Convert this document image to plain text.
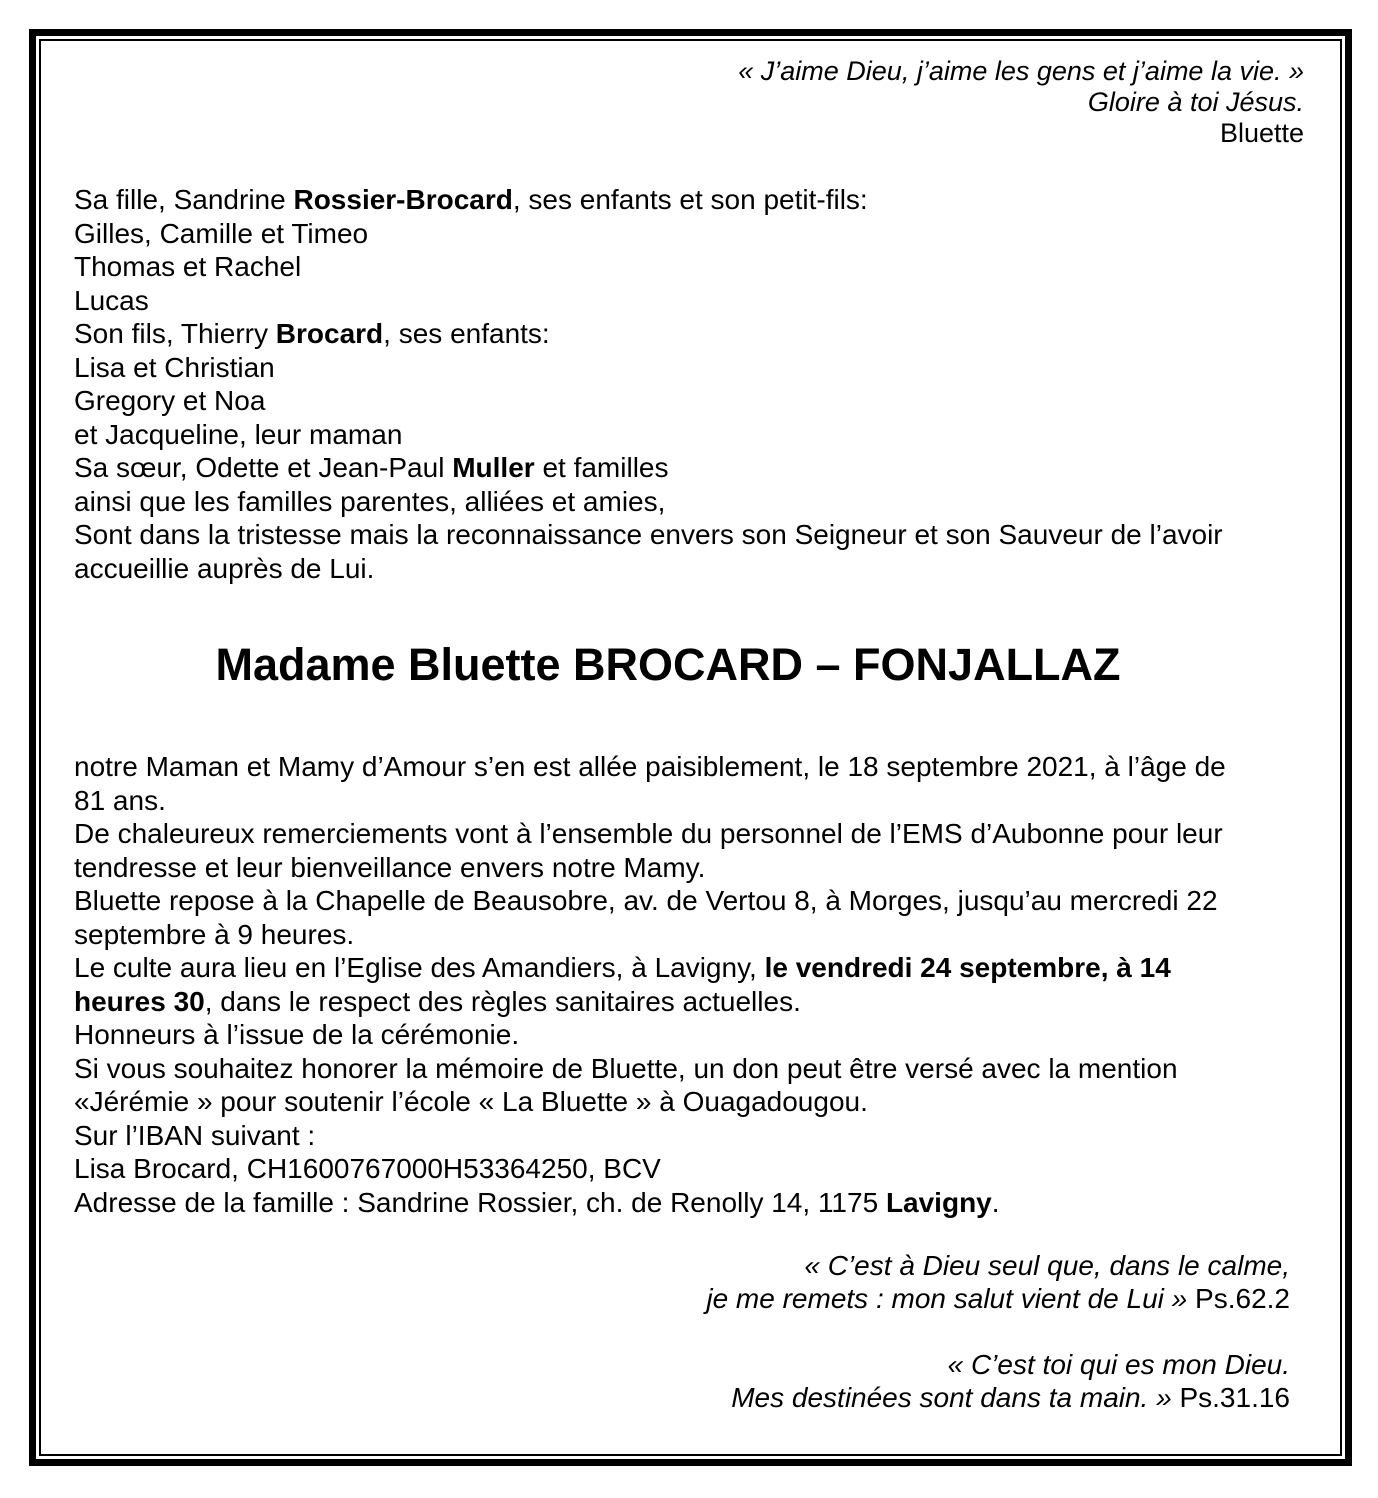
« J’aime Dieu, j’aime les gens et j’aime la vie. »
Gloire à toi Jésus.
Bluette
Sa fille, Sandrine Rossier-Brocard, ses enfants et son petit-fils:
Gilles, Camille et Timeo
Thomas et Rachel
Lucas
Son fils, Thierry Brocard, ses enfants:
Lisa et Christian
Gregory et Noa
et Jacqueline, leur maman
Sa sœur, Odette et Jean-Paul Muller et familles
ainsi que les familles parentes, alliées et amies,
Sont dans la tristesse mais la reconnaissance envers son Seigneur et son Sauveur de l’avoir accueillie auprès de Lui.
Madame Bluette BROCARD – FONJALLAZ
notre Maman et Mamy d’Amour s’en est allée paisiblement, le 18 septembre 2021, à l’âge de 81 ans.
De chaleureux remerciements vont à l’ensemble du personnel de l’EMS d’Aubonne pour leur tendresse et leur bienveillance envers notre Mamy.
Bluette repose à la Chapelle de Beausobre, av. de Vertou 8, à Morges, jusqu’au mercredi 22 septembre à 9 heures.
Le culte aura lieu en l’Eglise des Amandiers, à Lavigny, le vendredi 24 septembre, à 14 heures 30, dans le respect des règles sanitaires actuelles.
Honneurs à l’issue de la cérémonie.
Si vous souhaitez honorer la mémoire de Bluette, un don peut être versé avec la mention «Jérémie » pour soutenir l’école « La Bluette » à Ouagadougou.
Sur l’IBAN suivant :
Lisa Brocard, CH1600767000H53364250, BCV
Adresse de la famille : Sandrine Rossier, ch. de Renolly 14, 1175 Lavigny.
« C’est à Dieu seul que, dans le calme,
je me remets : mon salut vient de Lui » Ps.62.2
« C’est toi qui es mon Dieu.
Mes destinées sont dans ta main. » Ps.31.16
